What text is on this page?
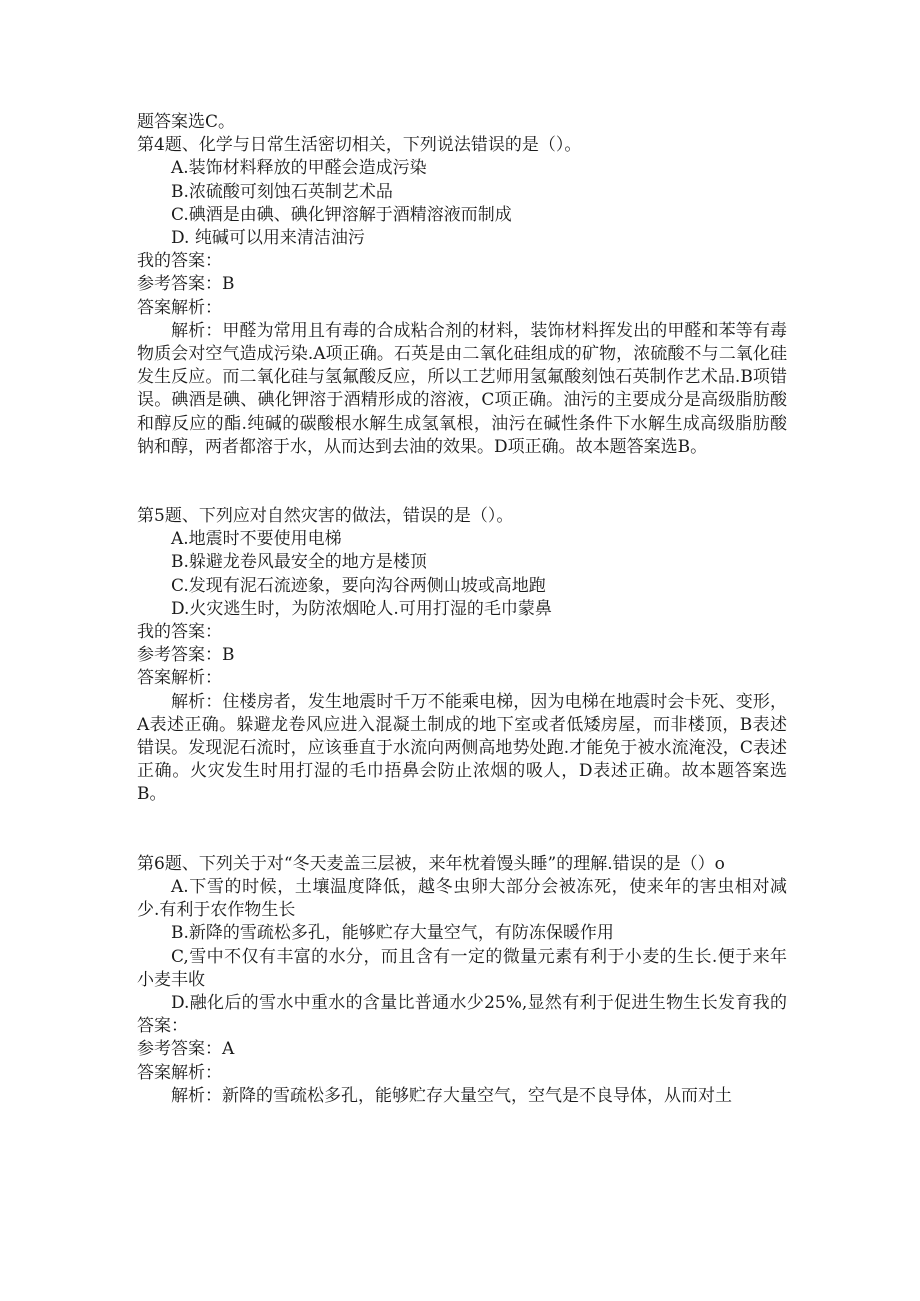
题答案选C。
第4题、化学与日常生活密切相关，下列说法错误的是（）。
A.装饰材料释放的甲醛会造成污染
B.浓硫酸可刻蚀石英制艺术品
C.碘酒是由碘、碘化钾溶解于酒精溶液而制成
D. 纯碱可以用来清洁油污
我的答案：
参考答案：B
答案解析：

解析：甲醛为常用且有毒的合成粘合剂的材料，装饰材料挥发出的甲醛和苯等有毒物质会对空气造成污染.A项正确。石英是由二氧化硅组成的矿物，浓硫酸不与二氧化硅发生反应。而二氧化硅与氢氟酸反应，所以工艺师用氢氟酸刻蚀石英制作艺术品.B项错误。碘酒是碘、碘化钾溶于酒精形成的溶液，C项正确。油污的主要成分是高级脂肪酸和醇反应的酯.纯碱的碳酸根水解生成氢氧根，油污在碱性条件下水解生成高级脂肪酸钠和醇，两者都溶于水，从而达到去油的效果。D项正确。故本题答案选B。

第5题、下列应对自然灾害的做法，错误的是（）。
A.地震时不要使用电梯
B.躲避龙卷风最安全的地方是楼顶
C.发现有泥石流迹象，要向沟谷两侧山坡或高地跑
D.火灾逃生时，为防浓烟呛人.可用打湿的毛巾蒙鼻
我的答案：
参考答案：B
答案解析：

解析：住楼房者，发生地震时千万不能乘电梯，因为电梯在地震时会卡死、变形，A表述正确。躲避龙卷风应进入混凝土制成的地下室或者低矮房屋，而非楼顶，B表述错误。发现泥石流时，应该垂直于水流向两侧高地势处跑.才能免于被水流淹没，C表述正确。火灾发生时用打湿的毛巾捂鼻会防止浓烟的吸人，D表述正确。故本题答案选B。

第6题、下列关于对“冬天麦盖三层被，来年枕着馒头睡”的理解.错误的是（）o

A.下雪的时候，土壤温度降低，越冬虫卵大部分会被冻死，使来年的害虫相对减少.有利于农作物生长

B.新降的雪疏松多孔，能够贮存大量空气，有防冻保暖作用

C,雪中不仅有丰富的水分，而且含有一定的微量元素有利于小麦的生长.便于来年小麦丰收

D.融化后的雪水中重水的含量比普通水少25%,显然有利于促进生物生长发育我的答案：

参考答案：A
答案解析：
解析：新降的雪疏松多孔，能够贮存大量空气，空气是不良导体，从而对土
